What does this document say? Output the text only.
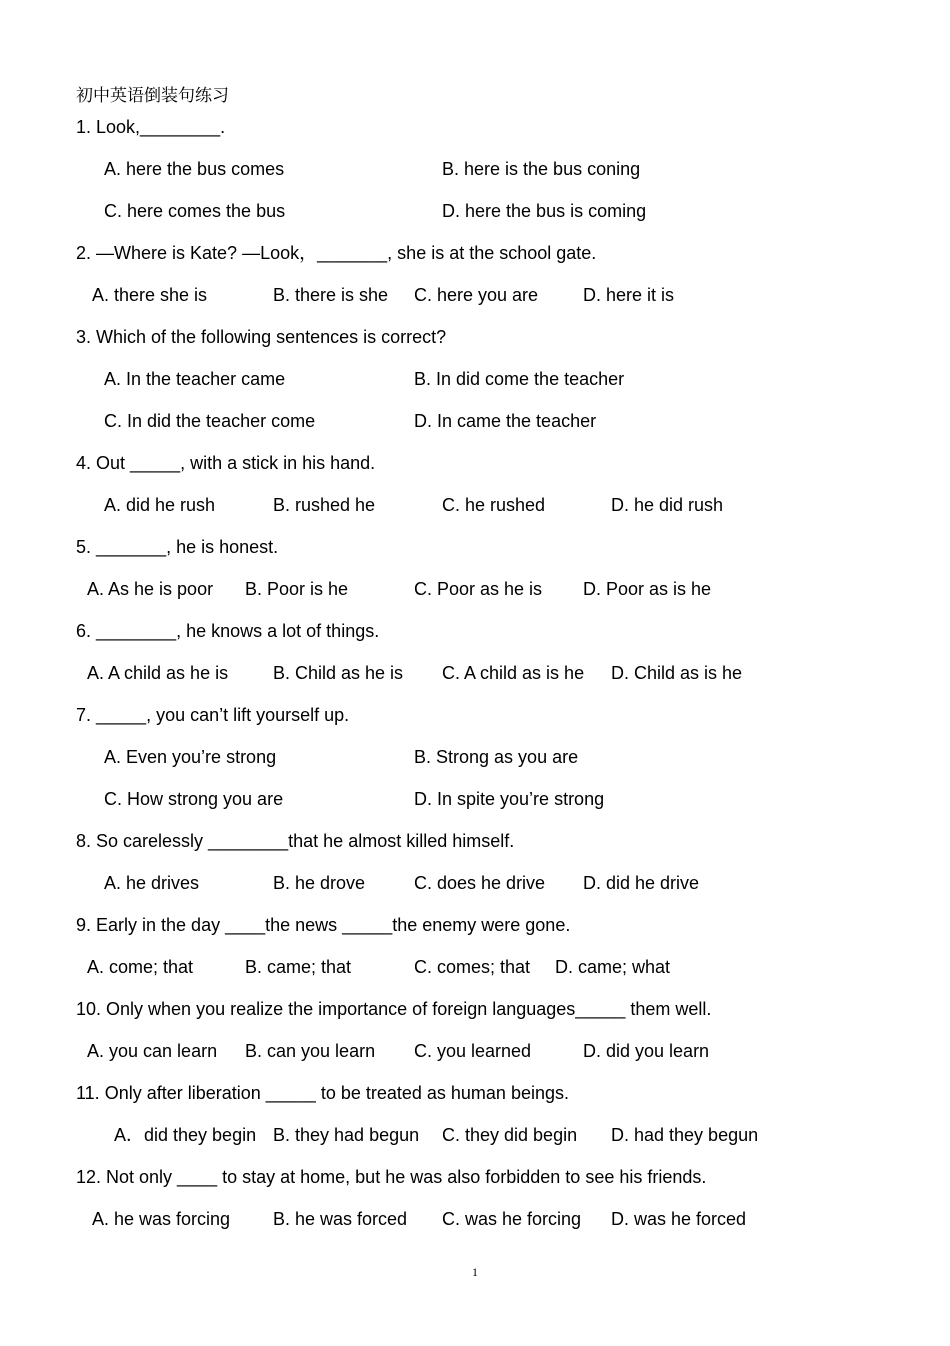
初中英语倒装句练习
1. Look,________.
A. here the bus comes	B. here is the bus coning
C. here comes the bus	D. here the bus is coming
2. —Where is Kate? —Look，_______, she is at the school gate.
A. there she is	B. there is she C. here you are D. here it is
3. Which of the following sentences is correct?
A. In the teacher came	B. In did come the teacher
C. In did the teacher come	D. In came the teacher
4. Out _____, with a stick in his hand.
A. did he rush	B. rushed he	C. he rushed	D. he did rush
5. _______, he is honest.
A. As he is poor B. Poor is he	C. Poor as he is D. Poor as is he
6. ________, he knows a lot of things.
A. A child as he is B. Child as he is C. A child as is he D. Child as is he
7. _____, you can’t lift yourself up.
A. Even you’re strong	B. Strong as you are
C. How strong you are	D. In spite you’re strong
8. So carelessly ________that he almost killed himself.
A. he drives	B. he drove	C. does he drive D. did he drive
9. Early in the day ____the news _____the enemy were gone.
A. come; that	B. came; that	C. comes; that D. came; what
10. Only when you realize the importance of foreign languages_____ them well.
A. you can learn B. can you learn C. you learned	D. did you learn
11. Only after liberation _____ to be treated as human beings.
A．did they begin B. they had begun C. they did begin D. had they begun
12. Not only ____ to stay at home, but he was also forbidden to see his friends.
A. he was forcing B. he was forced C. was he forcing D. was he forced
1
